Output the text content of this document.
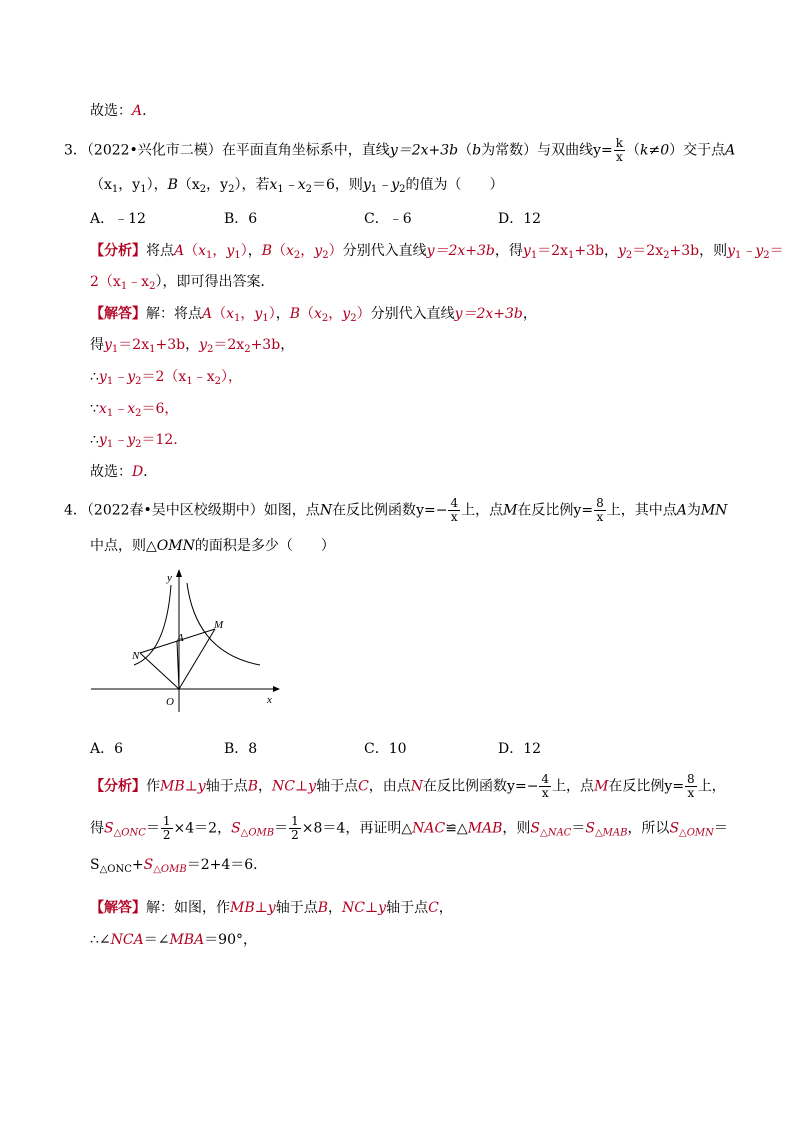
故选：A.
3．（2022•兴化市二模）在平面直角坐标系中，直线y＝2x+3b（b为常数）与双曲线$y= \frac{k}{x} (k\ne 0)$交于点A
（$x_1$，$y_1$），$B(x_2$，$y_2$），若$x_1﹣x_2=6$，则$y_1﹣y_2$的值为（　　）
A．﹣12	B．6	C．﹣6	D．12
【分析】将点$A(x_1$，$y_1$），$B(x_2$，$y_2$）分别代入直线y＝2x+3b，得$y_1=2x_1+3b$，$y_2=2x_2+3b$，则$y_1﹣y_2=$
$2(x_1﹣x_2)$，即可得出答案．
【解答】解：将点$A(x_1$，$y_1$），$B(x_2$，$y_2$）分别代入直线y＝2x+3b，
得$y_1=2x_1+3b$，$y_2=2x_2+3b$，
$\therefore y_1﹣y_2=2(x_1﹣x_2)$，
$\because x_1﹣x_2=6$，
$\therefore y_1﹣y_2=12$．
故选：D．
4．（2022春•吴中区校级期中）如图，点N在反比例函数$y=- \frac{4}{x}$ 上，点M在反比例$y= \frac{8}{x}$ 上，其中点A为MN
中点，则△OMN的面积是多少（　　）
y
x
O
A
M
N
A．6	B．8	C．10	D．12
【分析】作MB⊥y轴于点B，NC⊥y轴于点C，由点N在反比例函数$y=- \frac{4}{x}$ 上，点M在反比例$y= \frac{8}{x}$ 上，
得$S_{\triangle ONC}= \frac{1}{2} \times 4=2$，$S_{\triangle OMB}= \frac{1}{2} \times 8=4$，再证明△NAC≌△MAB，则$S_{\triangle NAC}=S_{\triangle MAB}$，所以$S_{\triangle OMN}=$
$S_{\triangle ONC}+S_{\triangle OMB}=2+4=6$．
【解答】解：如图，作MB⊥y轴于点B，NC⊥y轴于点C，
∴∠NCA＝∠MBA＝90°，
